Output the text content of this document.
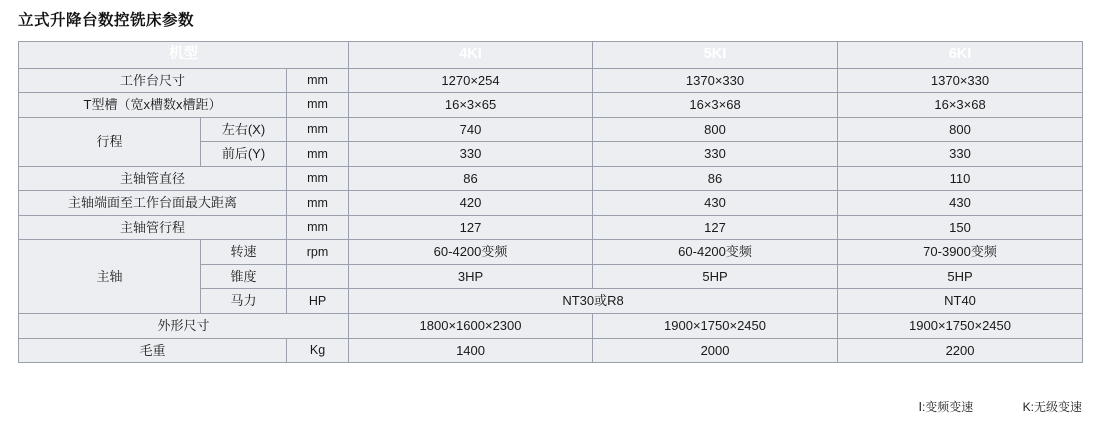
立式升降台数控铣床参数
机型			4KI	5KI	6KI
工作台尺寸		mm	1270×254	1370×330	1370×330
T型槽（宽x槽数x槽距）		mm	16×3×65	16×3×68	16×3×68
行程	左右(X)	mm	740	800	800
	前后(Y)	mm	330	330	330
主轴管直径		mm	86	86	110
主轴端面至工作台面最大距离		mm	420	430	430
主轴管行程		mm	127	127	150
主轴	转速	rpm	60-4200变频	60-4200变频	70-3900变频
	锥度		3HP	5HP	5HP
	马力	HP	NT30或R8		NT40
外形尺寸			1800×1600×2300	1900×1750×2450	1900×1750×2450
毛重		Kg	1400	2000	2200
Ⅰ:变频变速	K:无级变速
